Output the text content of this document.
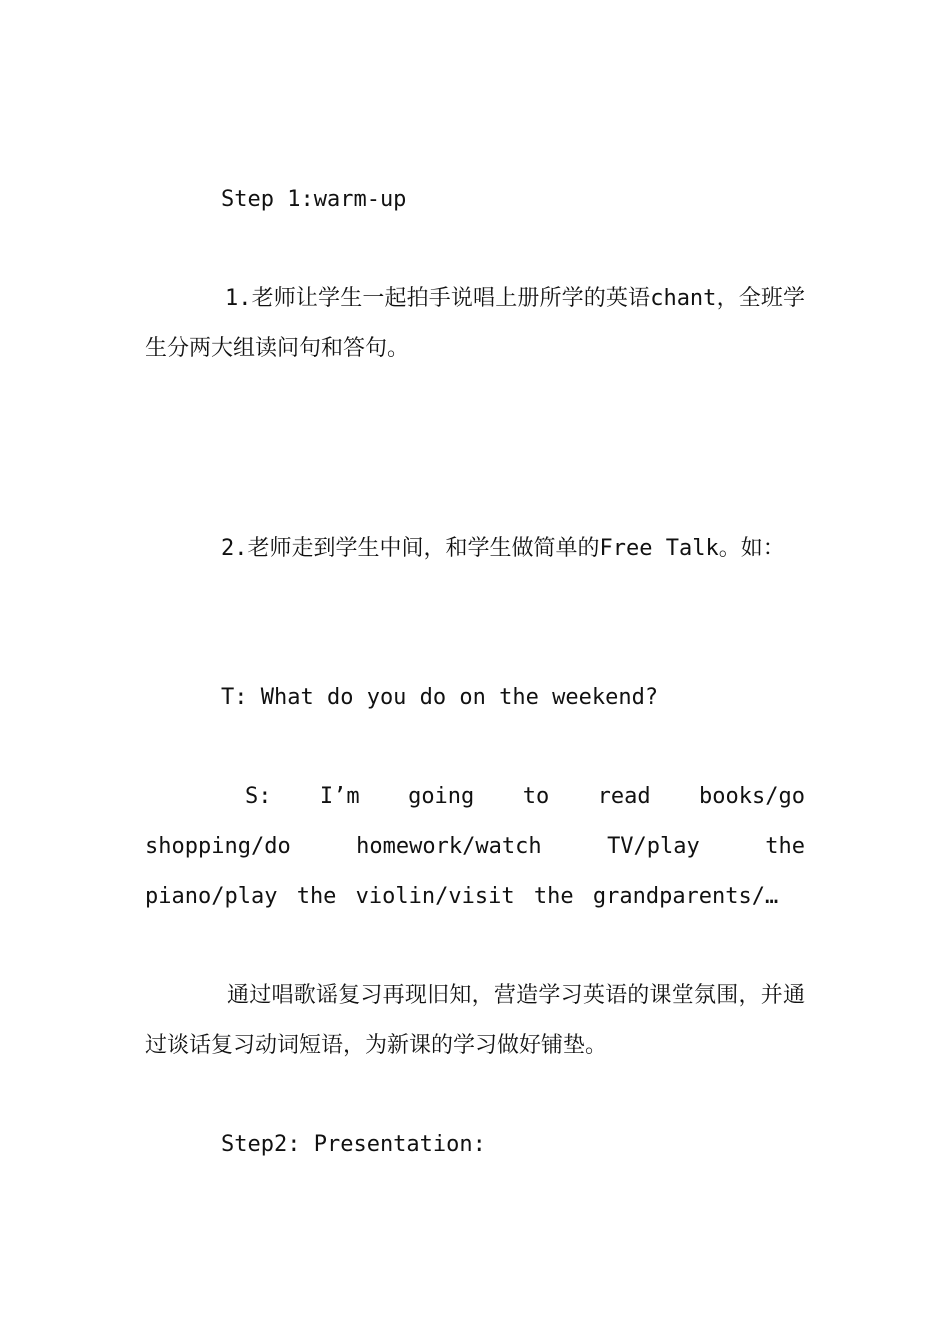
Step 1:warm-up

1.老师让学生一起拍手说唱上册所学的英语chant，全班学生分两大组读问句和答句。

2.老师走到学生中间，和学生做简单的Free Talk。如：

T: What do you do on the weekend?

S: I’m going to read books/go shopping/do homework/watch TV/play the piano/play the violin/visit the grandparents/…

通过唱歌谣复习再现旧知，营造学习英语的课堂氛围，并通过谈话复习动词短语，为新课的学习做好铺垫。

Step2: Presentation:
